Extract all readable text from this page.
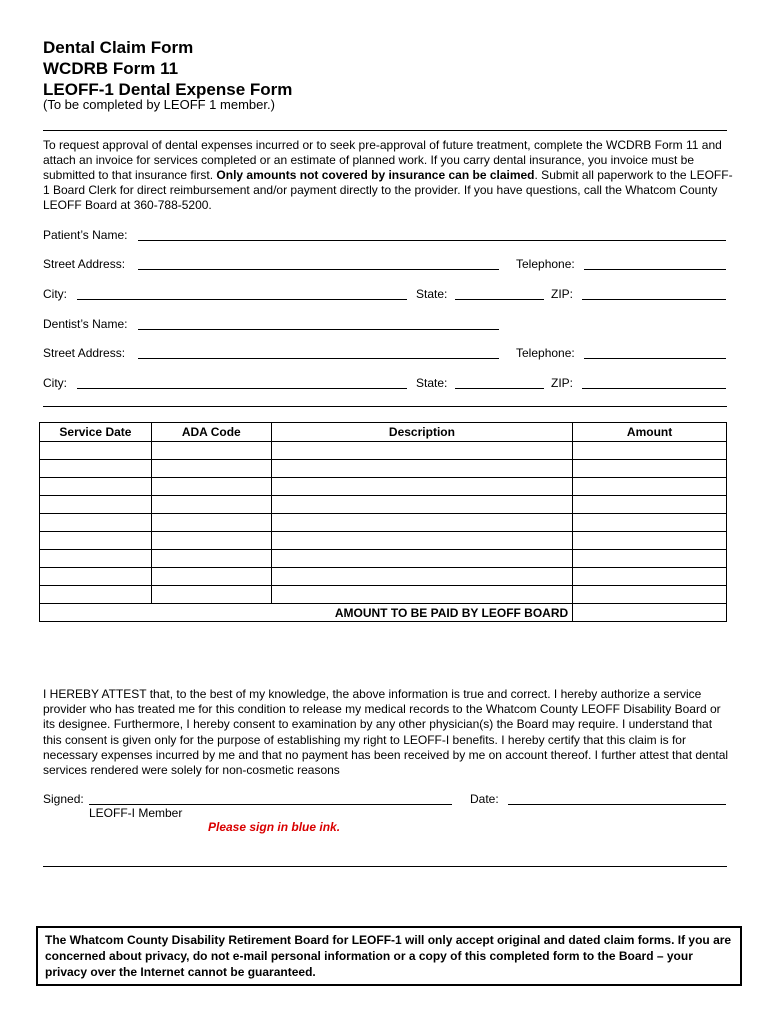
Dental Claim Form
WCDRB Form 11
LEOFF-1 Dental Expense Form
(To be completed by LEOFF 1 member.)
To request approval of dental expenses incurred or to seek pre-approval of future treatment, complete the WCDRB Form 11 and attach an invoice for services completed or an estimate of planned work. If you carry dental insurance, you invoice must be submitted to that insurance first. Only amounts not covered by insurance can be claimed. Submit all paperwork to the LEOFF-1 Board Clerk for direct reimbursement and/or payment directly to the provider. If you have questions, call the Whatcom County LEOFF Board at 360-788-5200.
Patient’s Name:
Street Address:	Telephone:
City:	State:	ZIP:
Dentist’s Name:
Street Address:	Telephone:
City:	State:	ZIP:
Service Date	ADA Code	Description	Amount

AMOUNT TO BE PAID BY LEOFF BOARD			
I HEREBY ATTEST that, to the best of my knowledge, the above information is true and correct. I hereby authorize a service provider who has treated me for this condition to release my medical records to the Whatcom County LEOFF Disability Board or its designee. Furthermore, I hereby consent to examination by any other physician(s) the Board may require. I understand that this consent is given only for the purpose of establishing my right to LEOFF-I benefits. I hereby certify that this claim is for necessary expenses incurred by me and that no payment has been received by me on account thereof. I further attest that dental services rendered were solely for non-cosmetic reasons
Signed:
LEOFF-I Member
Date:
Please sign in blue ink.
The Whatcom County Disability Retirement Board for LEOFF-1 will only accept original and dated claim forms. If you are concerned about privacy, do not e-mail personal information or a copy of this completed form to the Board – your privacy over the Internet cannot be guaranteed.
